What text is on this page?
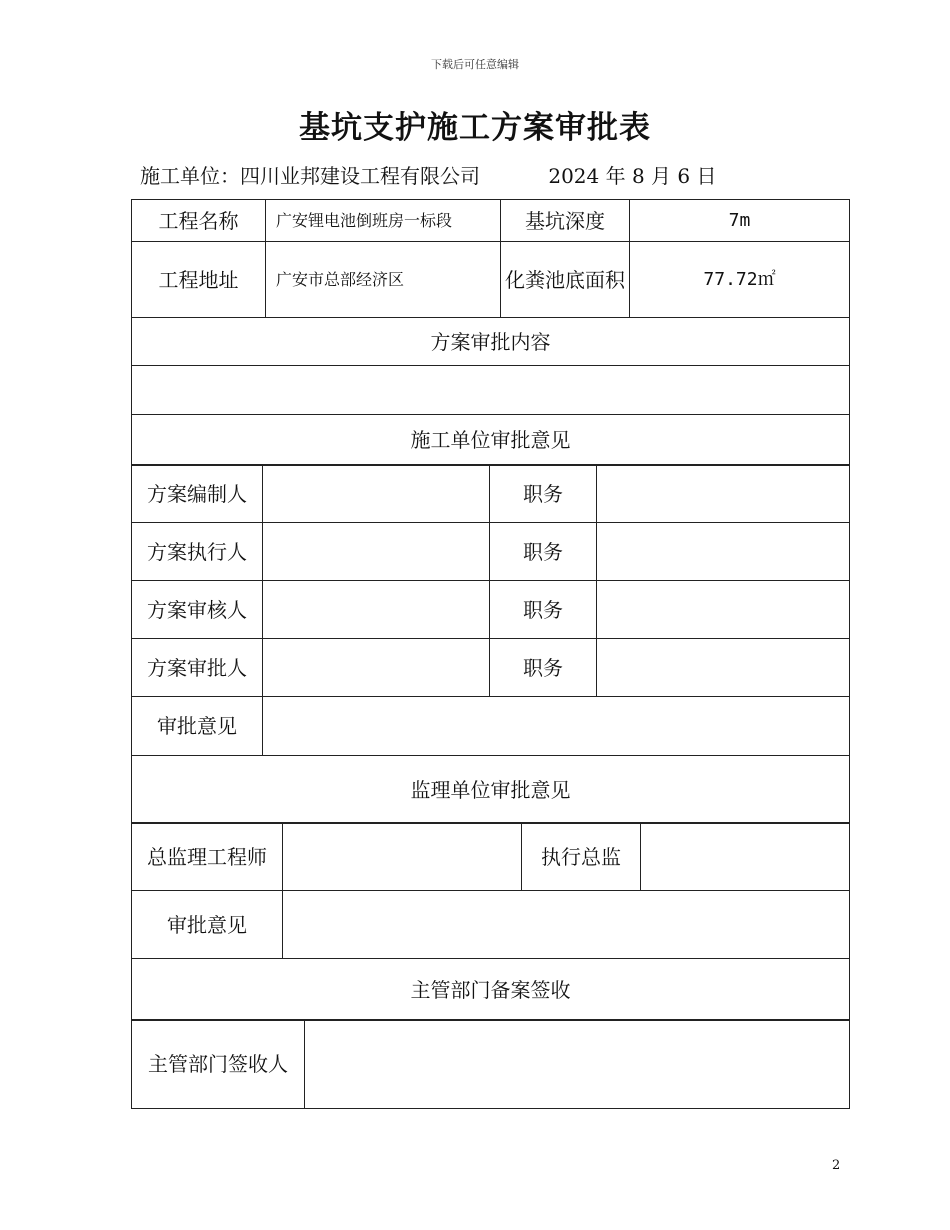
下载后可任意编辑
基坑支护施工方案审批表
施工单位：四川业邦建设工程有限公司	2024 年 8 月 6 日
工程名称	广安锂电池倒班房一标段	基坑深度	7m
工程地址	广安市总部经济区	化粪池底面积	77.72㎡
方案审批内容			

施工单位审批意见			
方案编制人		职务	
方案执行人		职务	
方案审核人		职务	
方案审批人		职务	
审批意见	
监理单位审批意见
总监理工程师		执行总监	
审批意见			
主管部门备案签收			
主管部门签收人	
2
